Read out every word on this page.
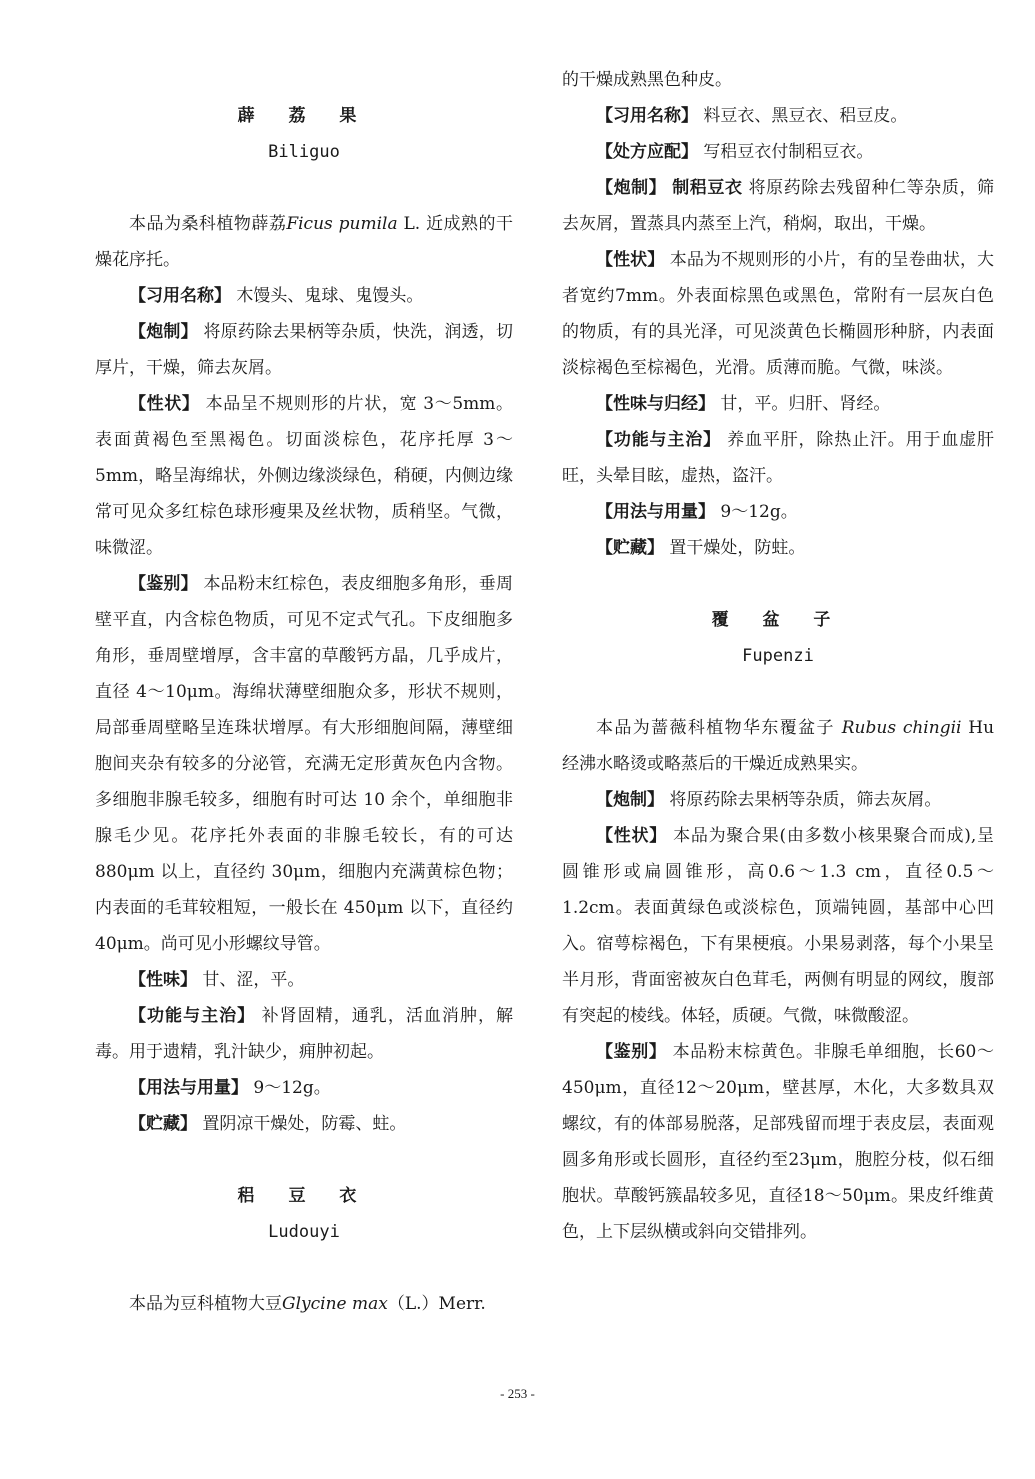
薜 荔 果

Biliguo

本品为桑科植物薜荔Ficus pumila L. 近成熟的干燥花序托。

【习用名称】 木馒头、鬼球、鬼馒头。

【炮制】 将原药除去果柄等杂质，快洗，润透，切厚片，干燥，筛去灰屑。

【性状】 本品呈不规则形的片状，宽 3～5mm。表面黄褐色至黑褐色。切面淡棕色，花序托厚 3～5mm，略呈海绵状，外侧边缘淡绿色，稍硬，内侧边缘常可见众多红棕色球形瘦果及丝状物，质稍坚。气微，味微涩。

【鉴别】 本品粉末红棕色，表皮细胞多角形，垂周壁平直，内含棕色物质，可见不定式气孔。下皮细胞多角形，垂周壁增厚，含丰富的草酸钙方晶，几乎成片，直径 4～10μm。海绵状薄壁细胞众多，形状不规则，局部垂周壁略呈连珠状增厚。有大形细胞间隔，薄壁细胞间夹杂有较多的分泌管，充满无定形黄灰色内含物。多细胞非腺毛较多，细胞有时可达 10 余个，单细胞非腺毛少见。花序托外表面的非腺毛较长，有的可达 880μm 以上，直径约 30μm，细胞内充满黄棕色物；内表面的毛茸较粗短，一般长在 450μm 以下，直径约 40μm。尚可见小形螺纹导管。

【性味】 甘、涩，平。

【功能与主治】 补肾固精，通乳，活血消肿，解毒。用于遗精，乳汁缺少，痈肿初起。

【用法与用量】 9～12g。

【贮藏】 置阴凉干燥处，防霉、蛀。

稆 豆 衣

Ludouyi

本品为豆科植物大豆Glycine max（L.）Merr.

的干燥成熟黑色种皮。

【习用名称】 料豆衣、黑豆衣、稆豆皮。

【处方应配】 写稆豆衣付制稆豆衣。

【炮制】 制稆豆衣 将原药除去残留种仁等杂质，筛去灰屑，置蒸具内蒸至上汽，稍焖，取出，干燥。

【性状】 本品为不规则形的小片，有的呈卷曲状，大者宽约7mm。外表面棕黑色或黑色，常附有一层灰白色的物质，有的具光泽，可见淡黄色长椭圆形种脐，内表面淡棕褐色至棕褐色，光滑。质薄而脆。气微，味淡。

【性味与归经】 甘，平。归肝、肾经。

【功能与主治】 养血平肝，除热止汗。用于血虚肝旺，头晕目眩，虚热，盗汗。

【用法与用量】 9～12g。

【贮藏】 置干燥处，防蛀。

覆 盆 子

Fupenzi

本品为蔷薇科植物华东覆盆子 Rubus chingii Hu 经沸水略烫或略蒸后的干燥近成熟果实。

【炮制】 将原药除去果柄等杂质，筛去灰屑。

【性状】 本品为聚合果(由多数小核果聚合而成),呈圆锥形或扁圆锥形，高0.6～1.3 cm，直径0.5～1.2cm。表面黄绿色或淡棕色，顶端钝圆，基部中心凹入。宿萼棕褐色，下有果梗痕。小果易剥落，每个小果呈半月形，背面密被灰白色茸毛，两侧有明显的网纹，腹部有突起的棱线。体轻，质硬。气微，味微酸涩。

【鉴别】 本品粉末棕黄色。非腺毛单细胞，长60～450μm，直径12～20μm，壁甚厚，木化，大多数具双螺纹，有的体部易脱落，足部残留而埋于表皮层，表面观圆多角形或长圆形，直径约至23μm，胞腔分枝，似石细胞状。草酸钙簇晶较多见，直径18～50μm。果皮纤维黄色，上下层纵横或斜向交错排列。

- 253 -
